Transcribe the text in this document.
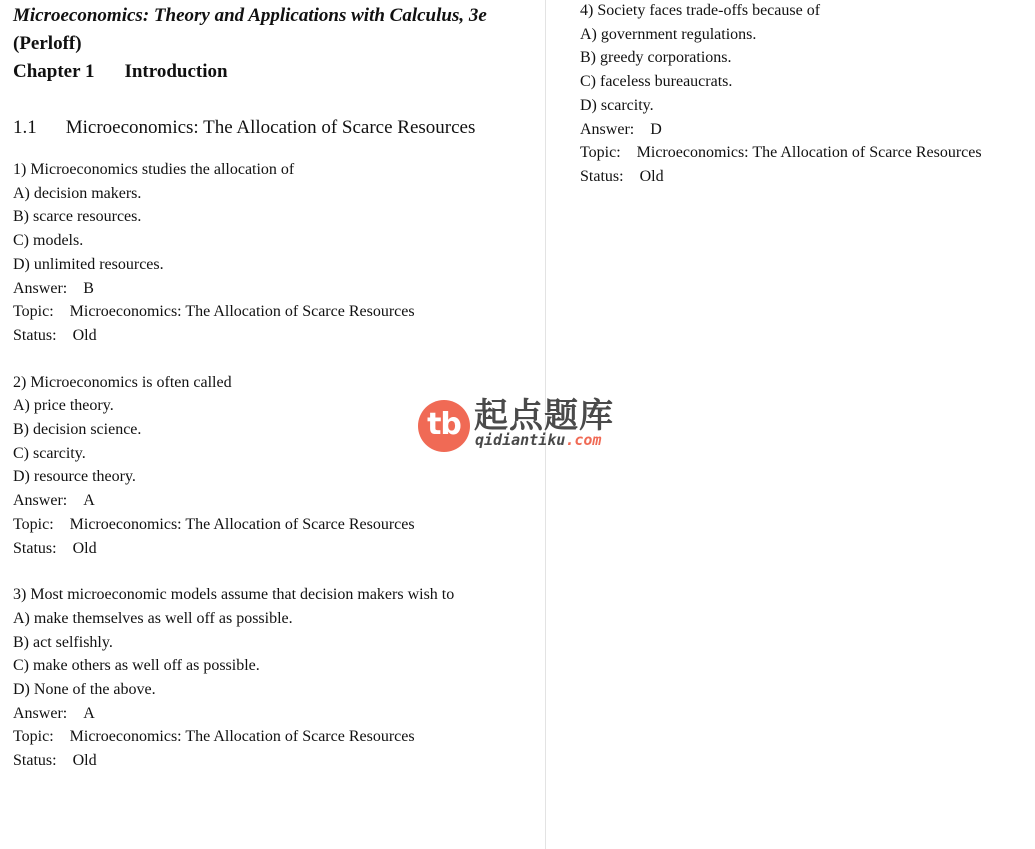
Microeconomics: Theory and Applications with Calculus, 3e (Perloff)
Chapter 1 Introduction
1.1 Microeconomics: The Allocation of Scarce Resources
1) Microeconomics studies the allocation of
A) decision makers.
B) scarce resources.
C) models.
D) unlimited resources.
Answer: B
Topic: Microeconomics: The Allocation of Scarce Resources
Status: Old
2) Microeconomics is often called
A) price theory.
B) decision science.
C) scarcity.
D) resource theory.
Answer: A
Topic: Microeconomics: The Allocation of Scarce Resources
Status: Old
3) Most microeconomic models assume that decision makers wish to
A) make themselves as well off as possible.
B) act selfishly.
C) make others as well off as possible.
D) None of the above.
Answer: A
Topic: Microeconomics: The Allocation of Scarce Resources
Status: Old
4) Society faces trade-offs because of
A) government regulations.
B) greedy corporations.
C) faceless bureaucrats.
D) scarcity.
Answer: D
Topic: Microeconomics: The Allocation of Scarce Resources
Status: Old
tb 起点题库
qidiantiku.com
